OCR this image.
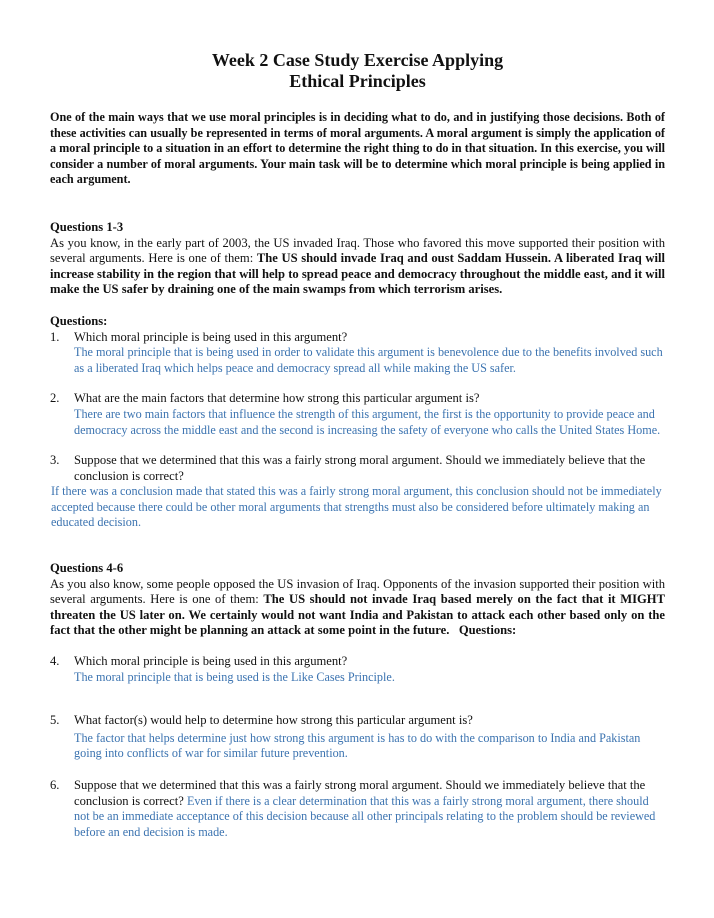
Week 2 Case Study Exercise Applying
Ethical Principles

One of the main ways that we use moral principles is in deciding what to do, and in justifying those decisions. Both of these activities can usually be represented in terms of moral arguments. A moral argument is simply the application of a moral principle to a situation in an effort to determine the right thing to do in that situation. In this exercise, you will consider a number of moral arguments. Your main task will be to determine which moral principle is being applied in each argument.

Questions 1-3

As you know, in the early part of 2003, the US invaded Iraq. Those who favored this move supported their position with several arguments. Here is one of them: The US should invade Iraq and oust Saddam Hussein. A liberated Iraq will increase stability in the region that will help to spread peace and democracy throughout the middle east, and it will make the US safer by draining one of the main swamps from which terrorism arises.

Questions:
1. Which moral principle is being used in this argument?
The moral principle that is being used in order to validate this argument is benevolence due to the benefits involved such as a liberated Iraq which helps peace and democracy spread all while making the US safer.
2. What are the main factors that determine how strong this particular argument is?
There are two main factors that influence the strength of this argument, the first is the opportunity to provide peace and democracy across the middle east and the second is increasing the safety of everyone who calls the United States Home.
3. Suppose that we determined that this was a fairly strong moral argument. Should we immediately believe that the conclusion is correct?
If there was a conclusion made that stated this was a fairly strong moral argument, this conclusion should not be immediately accepted because there could be other moral arguments that strengths must also be considered before ultimately making an educated decision.
Questions 4-6

As you also know, some people opposed the US invasion of Iraq. Opponents of the invasion supported their position with several arguments. Here is one of them: The US should not invade Iraq based merely on the fact that it MIGHT threaten the US later on. We certainly would not want India and Pakistan to attack each other based only on the fact that the other might be planning an attack at some point in the future. Questions:

4. Which moral principle is being used in this argument?
The moral principle that is being used is the Like Cases Principle.
5. What factor(s) would help to determine how strong this particular argument is?
The factor that helps determine just how strong this argument is has to do with the comparison to India and Pakistan going into conflicts of war for similar future prevention.
6. Suppose that we determined that this was a fairly strong moral argument. Should we immediately believe that the conclusion is correct? Even if there is a clear determination that this was a fairly strong moral argument, there should not be an immediate acceptance of this decision because all other principals relating to the problem should be reviewed before an end decision is made.
